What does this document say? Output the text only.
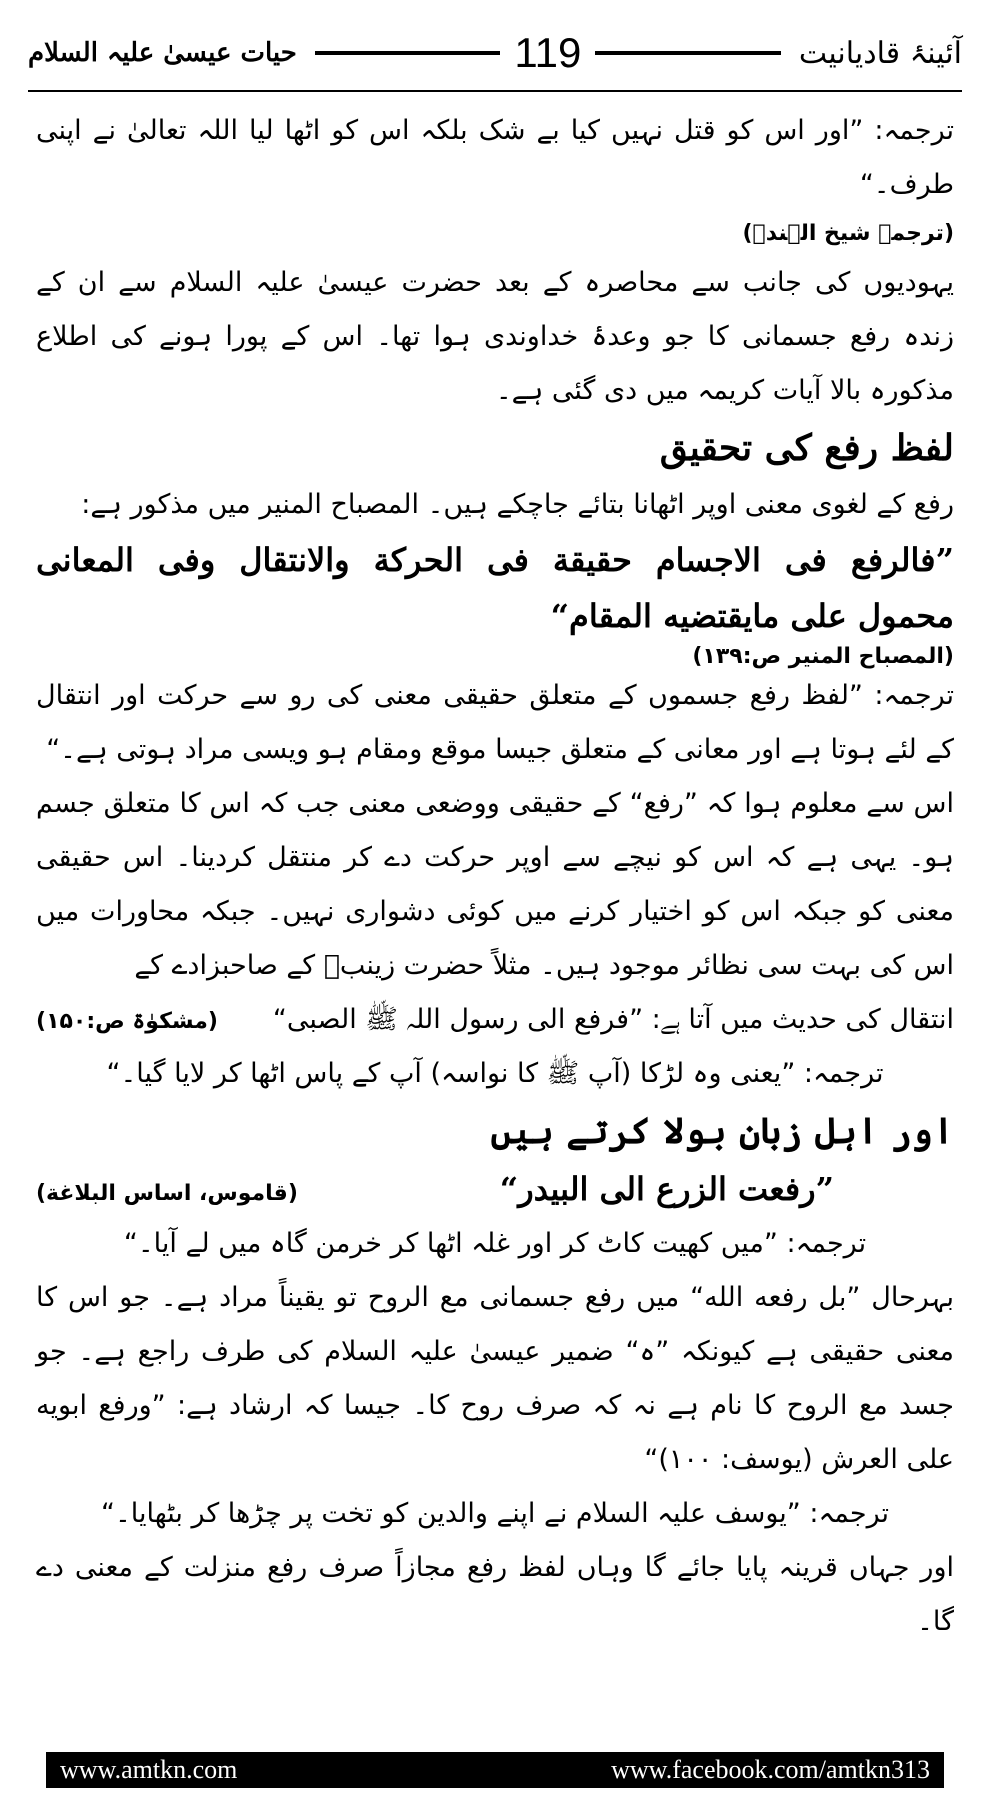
حیات عیسیٰ علیہ السلام	119	آئینۂ قادیانیت

ترجمہ: ”اور اس کو قتل نہیں کیا بے شک بلکہ اس کو اٹھا لیا اللہ تعالیٰ نے اپنی طرف۔“

(ترجمہ شیخ الہندؒ)

یہودیوں کی جانب سے محاصرہ کے بعد حضرت عیسیٰ علیہ السلام سے ان کے زندہ رفع جسمانی کا جو وعدۂ خداوندی ہوا تھا۔ اس کے پورا ہونے کی اطلاع مذکورہ بالا آیات کریمہ میں دی گئی ہے۔

لفظ رفع کی تحقیق

رفع کے لغوی معنی اوپر اٹھانا بتائے جاچکے ہیں۔ المصباح المنیر میں مذکور ہے:

”فالرفع فی الاجسام حقیقة فی الحرکة والانتقال وفی المعانی محمول علی مایقتضیه المقام“

(المصباح المنیر ص:۱۳۹)

ترجمہ: ”لفظ رفع جسموں کے متعلق حقیقی معنی کی رو سے حرکت اور انتقال کے لئے ہوتا ہے اور معانی کے متعلق جیسا موقع ومقام ہو ویسی مراد ہوتی ہے۔“

اس سے معلوم ہوا کہ ”رفع“ کے حقیقی ووضعی معنی جب کہ اس کا متعلق جسم ہو۔ یہی ہے کہ اس کو نیچے سے اوپر حرکت دے کر منتقل کردینا۔ اس حقیقی معنی کو جبکہ اس کو اختیار کرنے میں کوئی دشواری نہیں۔ جبکہ محاورات میں اس کی بہت سی نظائر موجود ہیں۔ مثلاً حضرت زینبؓ کے صاحبزادے کے

انتقال کی حدیث میں آتا ہے: ”فرفع الی رسول اللہ ﷺ الصبی“
(مشکوٰۃ ص:۱۵۰)

ترجمہ: ”یعنی وہ لڑکا (آپ ﷺ کا نواسہ) آپ کے پاس اٹھا کر لایا گیا۔“

اور اہل زبان بولا کرتے ہیں

”رفعت الزرع الی البیدر“
(قاموس، اساس البلاغة)

ترجمہ: ”میں کھیت کاٹ کر اور غلہ اٹھا کر خرمن گاہ میں لے آیا۔“

بہرحال ”بل رفعه الله“ میں رفع جسمانی مع الروح تو یقیناً مراد ہے۔ جو اس کا معنی حقیقی ہے کیونکہ ”ہ“ ضمیر عیسیٰ علیہ السلام کی طرف راجع ہے۔ جو جسد مع الروح کا نام ہے نہ کہ صرف روح کا۔ جیسا کہ ارشاد ہے: ”ورفع ابویه علی العرش (یوسف: ۱۰۰)“

ترجمہ: ”یوسف علیہ السلام نے اپنے والدین کو تخت پر چڑھا کر بٹھایا۔“

اور جہاں قرینہ پایا جائے گا وہاں لفظ رفع مجازاً صرف رفع منزلت کے معنی دے گا۔

www.amtkn.com	www.facebook.com/amtkn313
